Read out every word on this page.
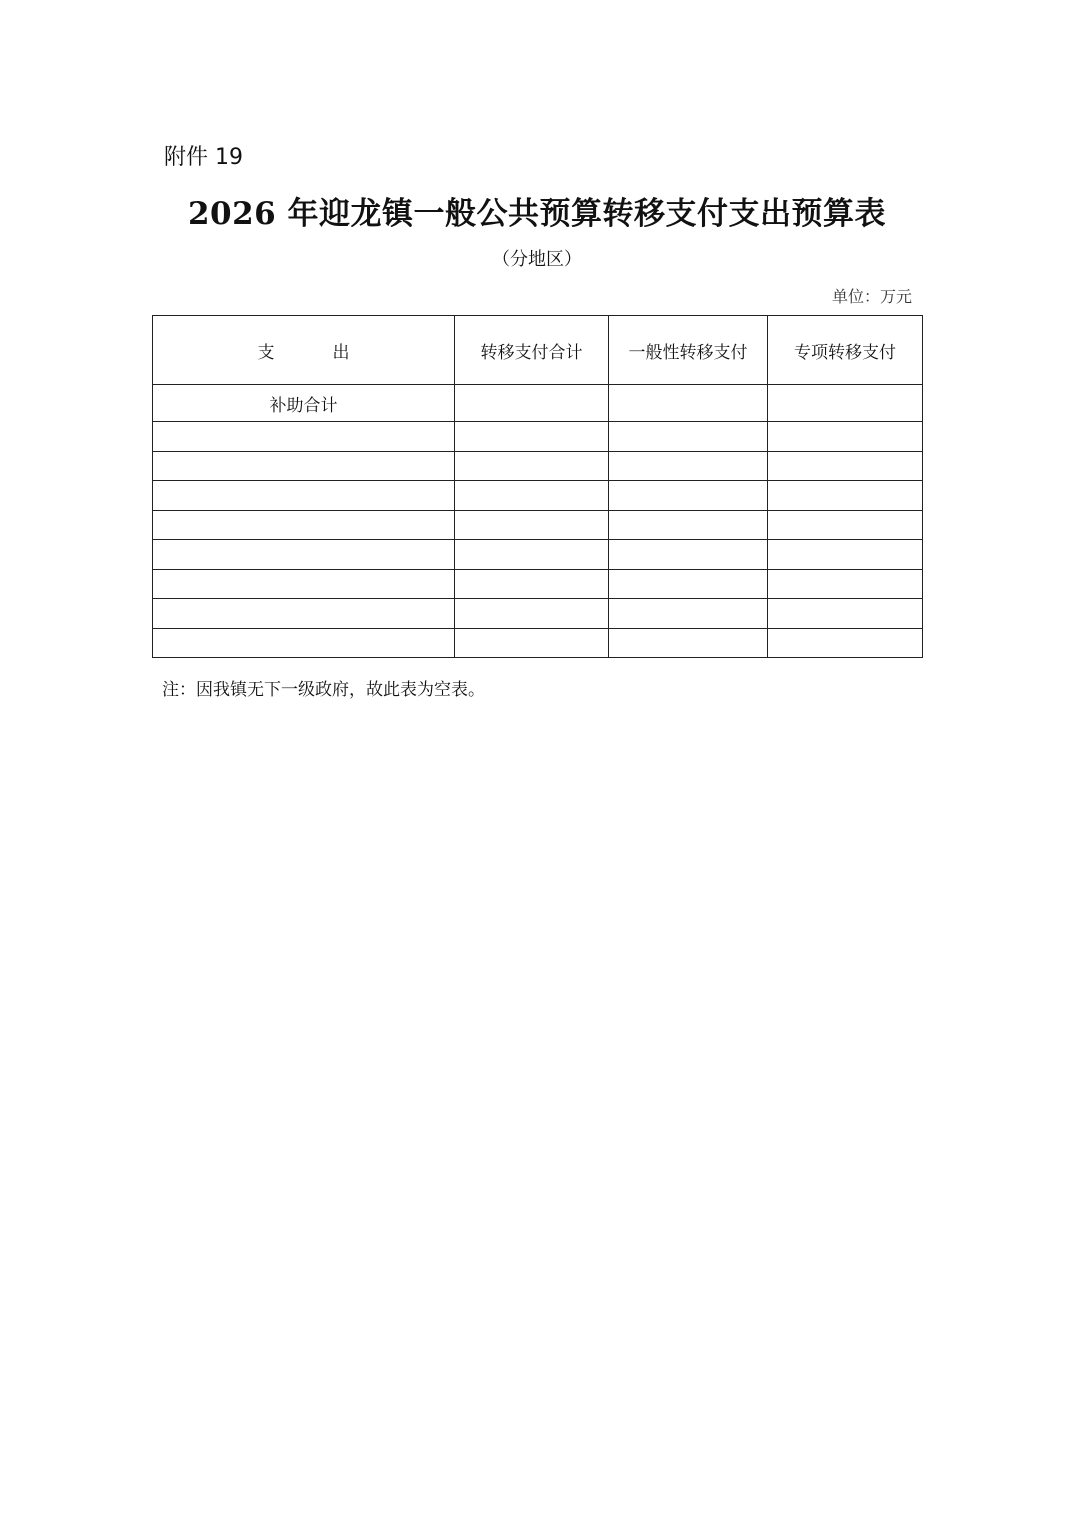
附件 19
2026 年迎龙镇一般公共预算转移支付支出预算表
（分地区）
单位：万元
支出	转移支付合计	一般性转移支付	专项转移支付
补助合计			

注：因我镇无下一级政府，故此表为空表。
